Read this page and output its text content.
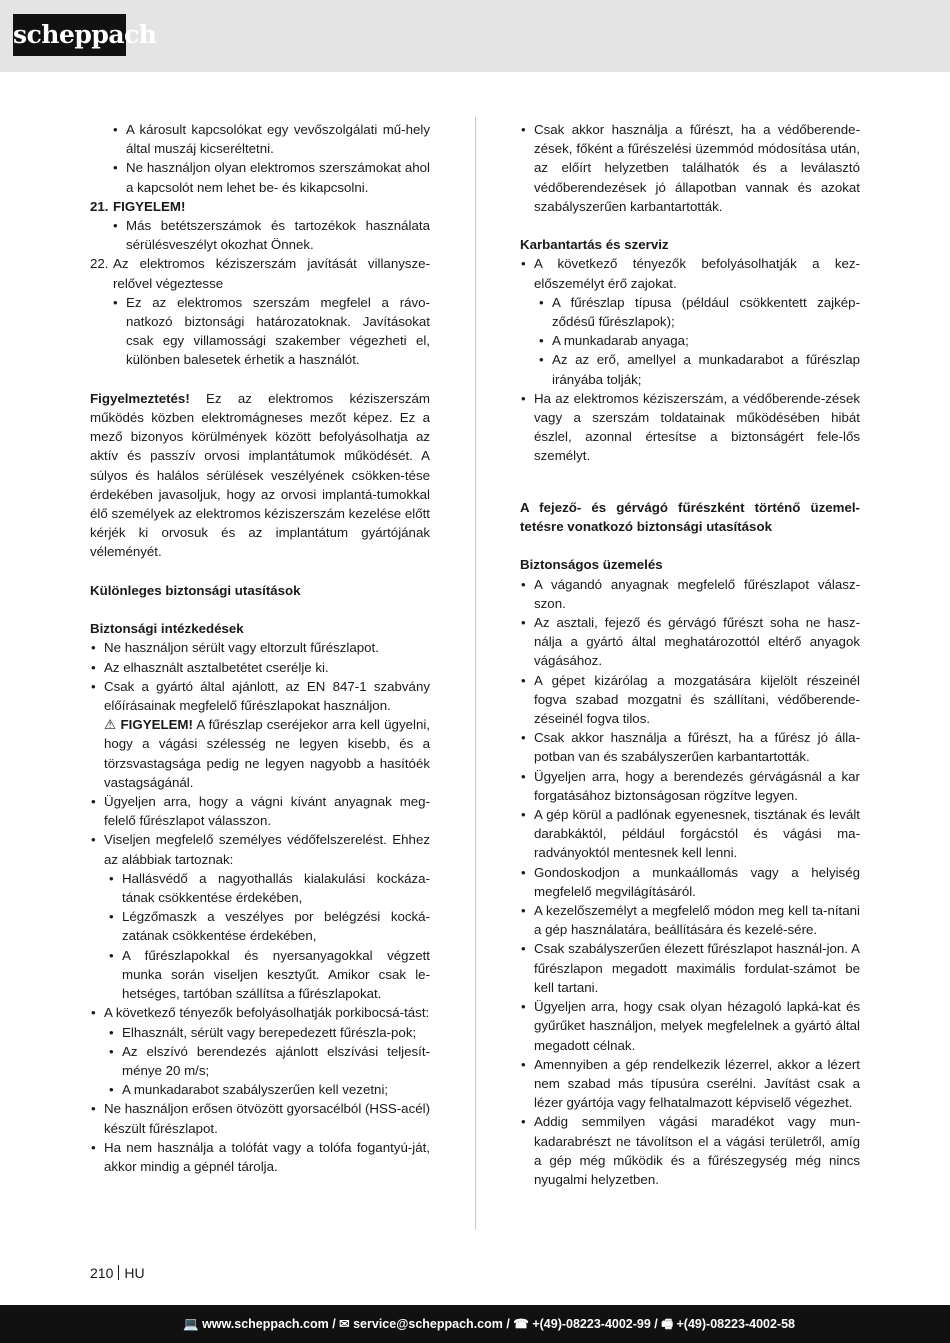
scheppach

• A károsult kapcsolókat egy vevőszolgálati mű-hely által muszáj kicseréltetni.

• Ne használjon olyan elektromos szerszámokat ahol a kapcsolót nem lehet be- és kikapcsolni.

21. FIGYELEM!

• Más betétszerszámok és tartozékok használata sérülésveszélyt okozhat Önnek.

22. Az elektromos kéziszerszám javítását villanysze-relővel végeztesse

• Ez az elektromos szerszám megfelel a rávo-natkozó biztonsági határozatoknak. Javításokat csak egy villamossági szakember végezheti el, különben balesetek érhetik a használót.

Figyelmeztetés! Ez az elektromos kéziszerszám működés közben elektromágneses mezőt képez. Ez a mező bizonyos körülmények között befolyásolhatja az aktív és passzív orvosi implantátumok működését. A súlyos és halálos sérülések veszélyének csökken-tése érdekében javasoljuk, hogy az orvosi implantá-tumokkal élő személyek az elektromos kéziszerszám kezelése előtt kérjék ki orvosuk és az implantátum gyártójának véleményét.

Különleges biztonsági utasítások

Biztonsági intézkedések

• Ne használjon sérült vagy eltorzult fűrészlapot.

• Az elhasznált asztalbetétet cserélje ki.

• Csak a gyártó által ajánlott, az EN 847-1 szabvány előírásainak megfelelő fűrészlapokat használjon.

⚠ FIGYELEM! A fűrészlap cseréjekor arra kell ügyelni, hogy a vágási szélesség ne legyen kisebb, és a törzsvastagsága pedig ne legyen nagyobb a hasítóék vastagságánál.

• Ügyeljen arra, hogy a vágni kívánt anyagnak meg-felelő fűrészlapot válasszon.

• Viseljen megfelelő személyes védőfelszerelést. Ehhez az alábbiak tartoznak:

• Hallásvédő a nagyothallás kialakulási kockáza-tának csökkentése érdekében,

• Légzőmaszk a veszélyes por belégzési kocká-zatának csökkentése érdekében,

• A fűrészlapokkal és nyersanyagokkal végzett munka során viseljen kesztyűt. Amikor csak le-hetséges, tartóban szállítsa a fűrészlapokat.

• A következő tényezők befolyásolhatják porkibocsá-tást:

• Elhasznált, sérült vagy berepedezett fűrészla-pok;

• Az elszívó berendezés ajánlott elszívási teljesít-ménye 20 m/s;

• A munkadarabot szabályszerűen kell vezetni;

• Ne használjon erősen ötvözött gyorsacélból (HSS-acél) készült fűrészlapot.

• Ha nem használja a tolófát vagy a tolófa fogantyú-ját, akkor mindig a gépnél tárolja.

• Csak akkor használja a fűrészt, ha a védőberende-zések, főként a fűrészelési üzemmód módosítása után, az előírt helyzetben találhatók és a leválasztó védőberendezések jó állapotban vannak és azokat szabályszerűen karbantartották.

Karbantartás és szerviz

• A következő tényezők befolyásolhatják a kez-előszemélyt érő zajokat.

• A fűrészlap típusa (például csökkentett zajkép-ződésű fűrészlapok);

• A munkadarab anyaga;

• Az az erő, amellyel a munkadarabot a fűrészlap irányába tolják;

• Ha az elektromos kéziszerszám, a védőberende-zések vagy a szerszám toldatainak működésében hibát észlel, azonnal értesítse a biztonságért fele-lős személyt.

A fejező- és gérvágó fűrészként történő üzemel-tetésre vonatkozó biztonsági utasítások

Biztonságos üzemelés

• A vágandó anyagnak megfelelő fűrészlapot válasz-szon.

• Az asztali, fejező és gérvágó fűrészt soha ne hasz-nálja a gyártó által meghatározottól eltérő anyagok vágásához.

• A gépet kizárólag a mozgatására kijelölt részeinél fogva szabad mozgatni és szállítani, védőberende-zéseinél fogva tilos.

• Csak akkor használja a fűrészt, ha a fűrész jó álla-potban van és szabályszerűen karbantartották.

• Ügyeljen arra, hogy a berendezés gérvágásnál a kar forgatásához biztonságosan rögzítve legyen.

• A gép körül a padlónak egyenesnek, tisztának és levált darabkáktól, például forgácstól és vágási ma-radványoktól mentesnek kell lenni.

• Gondoskodjon a munkaállomás vagy a helyiség megfelelő megvilágításáról.

• A kezelőszemélyt a megfelelő módon meg kell ta-nítani a gép használatára, beállítására és kezelé-sére.

• Csak szabályszerűen élezett fűrészlapot használ-jon. A fűrészlapon megadott maximális fordulat-számot be kell tartani.

• Ügyeljen arra, hogy csak olyan hézagoló lapká-kat és gyűrűket használjon, melyek megfelelnek a gyártó által megadott célnak.

• Amennyiben a gép rendelkezik lézerrel, akkor a lézert nem szabad más típusúra cserélni. Javítást csak a lézer gyártója vagy felhatalmazott képviselő végezhet.

• Addig semmilyen vágási maradékot vagy mun-kadarabrészt ne távolítson el a vágási területről, amíg a gép még működik és a fűrészegység még nincs nyugalmi helyzetben.

210 HU
💻 www.scheppach.com / ✉ service@scheppach.com / ☎ +(49)-08223-4002-99 / 🖷 +(49)-08223-4002-58
